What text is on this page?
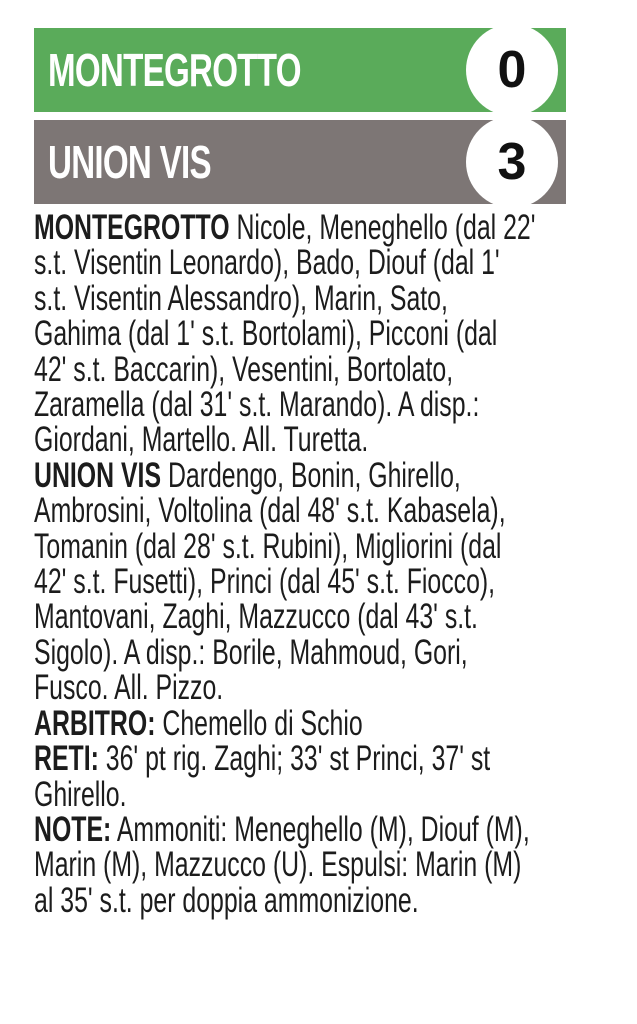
MONTEGROTTO	0
UNION VIS	3

MONTEGROTTO Nicole, Meneghello (dal 22'
s.t. Visentin Leonardo), Bado, Diouf (dal 1'
s.t. Visentin Alessandro), Marin, Sato,
Gahima (dal 1' s.t. Bortolami), Picconi (dal
42' s.t. Baccarin), Vesentini, Bortolato,
Zaramella (dal 31' s.t. Marando). A disp.:
Giordani, Martello. All. Turetta.

UNION VIS Dardengo, Bonin, Ghirello,
Ambrosini, Voltolina (dal 48' s.t. Kabasela),
Tomanin (dal 28' s.t. Rubini), Migliorini (dal
42' s.t. Fusetti), Princi (dal 45' s.t. Fiocco),
Mantovani, Zaghi, Mazzucco (dal 43' s.t.
Sigolo). A disp.: Borile, Mahmoud, Gori,
Fusco. All. Pizzo.

ARBITRO: Chemello di Schio

RETI: 36' pt rig. Zaghi; 33' st Princi, 37' st
Ghirello.

NOTE: Ammoniti: Meneghello (M), Diouf (M),
Marin (M), Mazzucco (U). Espulsi: Marin (M)
al 35' s.t. per doppia ammonizione.
